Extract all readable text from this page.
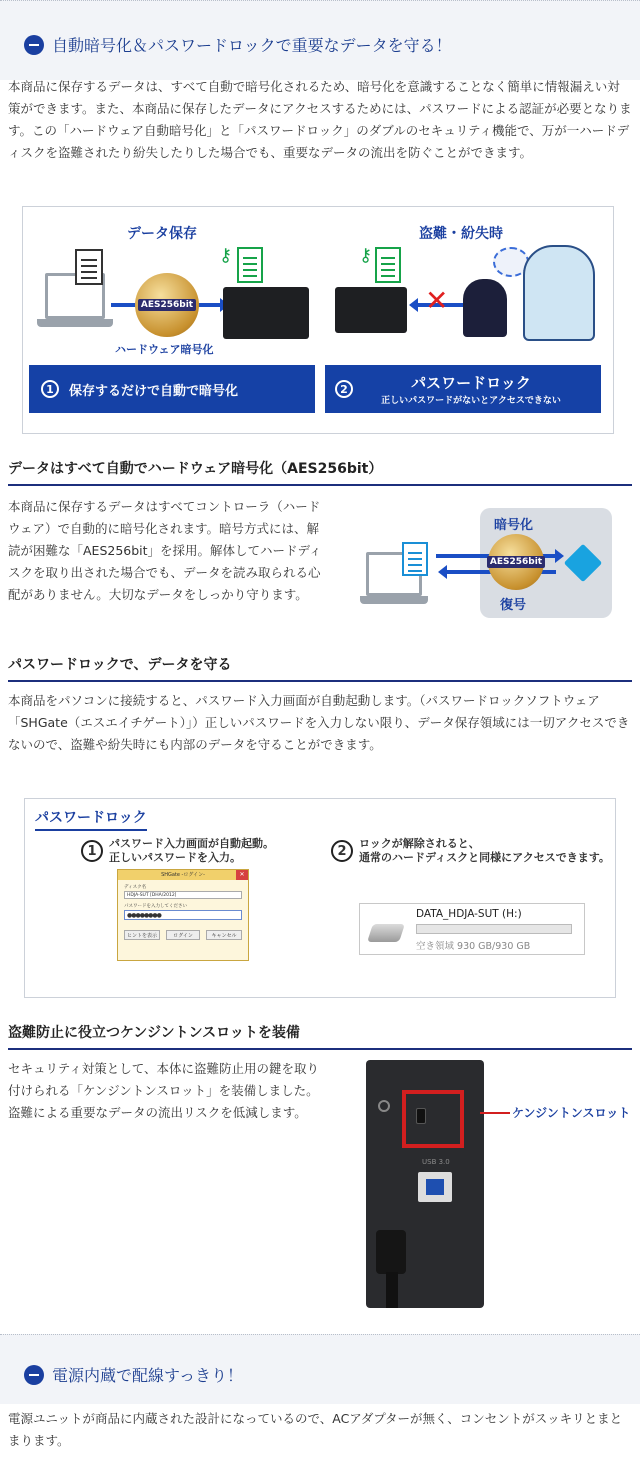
自動暗号化＆パスワードロックで重要なデータを守る！
本商品に保存するデータは、すべて自動で暗号化されるため、暗号化を意識することなく簡単に情報漏えい対策ができます。また、本商品に保存したデータにアクセスするためには、パスワードによる認証が必要となります。この「ハードウェア自動暗号化」と「パスワードロック」のダブルのセキュリティ機能で、万が一ハードディスクを盗難されたり紛失したりした場合でも、重要なデータの流出を防ぐことができます。
データ保存	盗難・紛失時
AES256bit
ハードウェア暗号化
⚷	⚷
✕
1	保存するだけで自動で暗号化	2	パスワードロック
正しいパスワードがないとアクセスできない
データはすべて自動でハードウェア暗号化（AES256bit）
本商品に保存するデータはすべてコントローラ（ハードウェア）で自動的に暗号化されます。暗号方式には、解読が困難な「AES256bit」を採用。解体してハードディスクを取り出された場合でも、データを読み取られる心配がありません。大切なデータをしっかり守ります。
AES256bit
暗号化
復号
パスワードロックで、データを守る
本商品をパソコンに接続すると、パスワード入力画面が自動起動します。（パスワードロックソフトウェア「SHGate（エスエイチゲート）」）正しいパスワードを入力しない限り、データ保存領域には一切アクセスできないので、盗難や紛失時にも内部のデータを守ることができます。
パスワードロック
1	パスワード入力画面が自動起動。
正しいパスワードを入力。	2	ロックが解除されると、
通常のハードディスクと同様にアクセスできます。
SHGate -ログイン-	✕
ディスク名
HDJA-SUT [DHA/2012]
パスワードを入力してください
●●●●●●●●
ヒントを表示	ログイン	キャンセル
DATA_HDJA-SUT (H:)
空き領域 930 GB/930 GB
盗難防止に役立つケンジントンスロットを装備
セキュリティ対策として、本体に盗難防止用の鍵を取り付けられる「ケンジントンスロット」を装備しました。盗難による重要なデータの流出リスクを低減します。
USB 3.0
ケンジントンスロット
電源内蔵で配線すっきり！
電源ユニットが商品に内蔵された設計になっているので、ACアダプターが無く、コンセントがスッキリとまとまります。
